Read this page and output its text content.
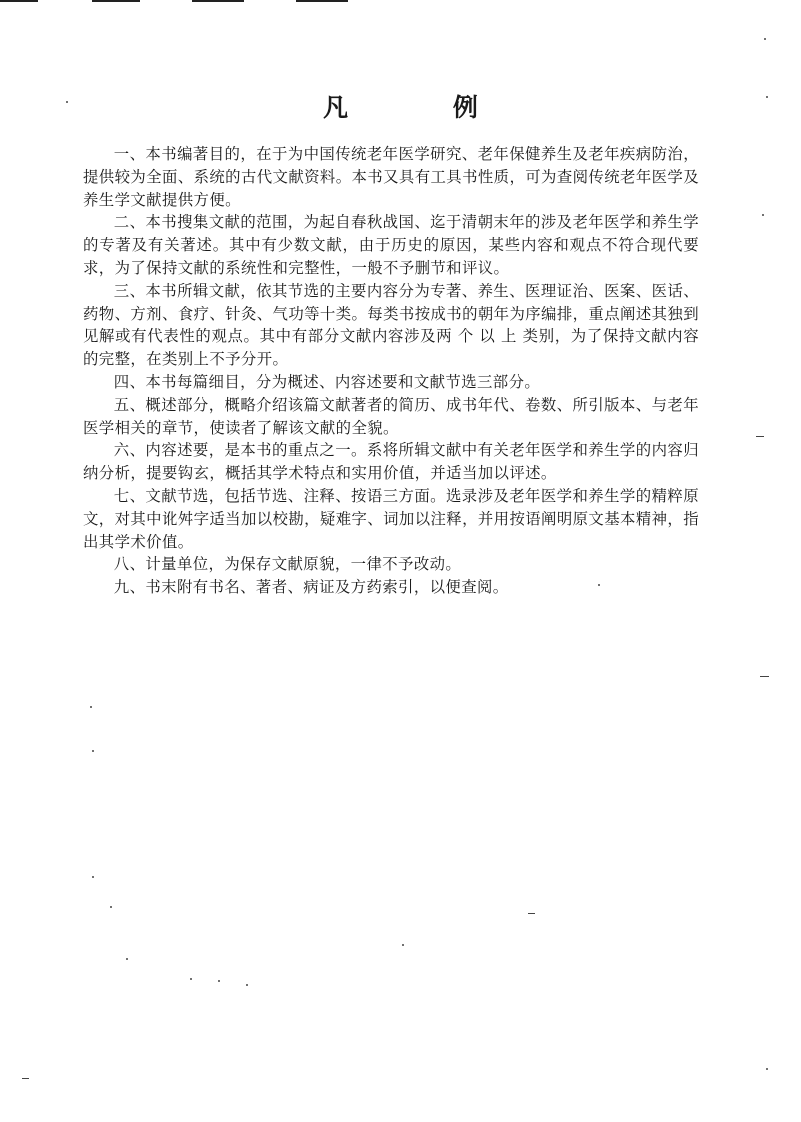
凡 例

一、本书编著目的，在于为中国传统老年医学研究、老年保健养生及老年疾病防治，提供较为全面、系统的古代文献资料。本书又具有工具书性质，可为查阅传统老年医学及养生学文献提供方便。

二、本书搜集文献的范围，为起自春秋战国、迄于清朝末年的涉及老年医学和养生学的专著及有关著述。其中有少数文献，由于历史的原因，某些内容和观点不符合现代要求，为了保持文献的系统性和完整性，一般不予删节和评议。

三、本书所辑文献，依其节选的主要内容分为专著、养生、医理证治、医案、医话、药物、方剂、食疗、针灸、气功等十类。每类书按成书的朝年为序编排，重点阐述其独到见解或有代表性的观点。其中有部分文献内容涉及两 个 以 上 类别，为了保持文献内容的完整，在类别上不予分开。

四、本书每篇细目，分为概述、内容述要和文献节选三部分。

五、概述部分，概略介绍该篇文献著者的简历、成书年代、卷数、所引版本、与老年医学相关的章节，使读者了解该文献的全貌。

六、内容述要，是本书的重点之一。系将所辑文献中有关老年医学和养生学的内容归纳分析，提要钩玄，概括其学术特点和实用价值，并适当加以评述。

七、文献节选，包括节选、注释、按语三方面。选录涉及老年医学和养生学的精粹原文，对其中讹舛字适当加以校勘，疑难字、词加以注释，并用按语阐明原文基本精神，指出其学术价值。

八、计量单位，为保存文献原貌，一律不予改动。

九、书末附有书名、著者、病证及方药索引，以便查阅。
